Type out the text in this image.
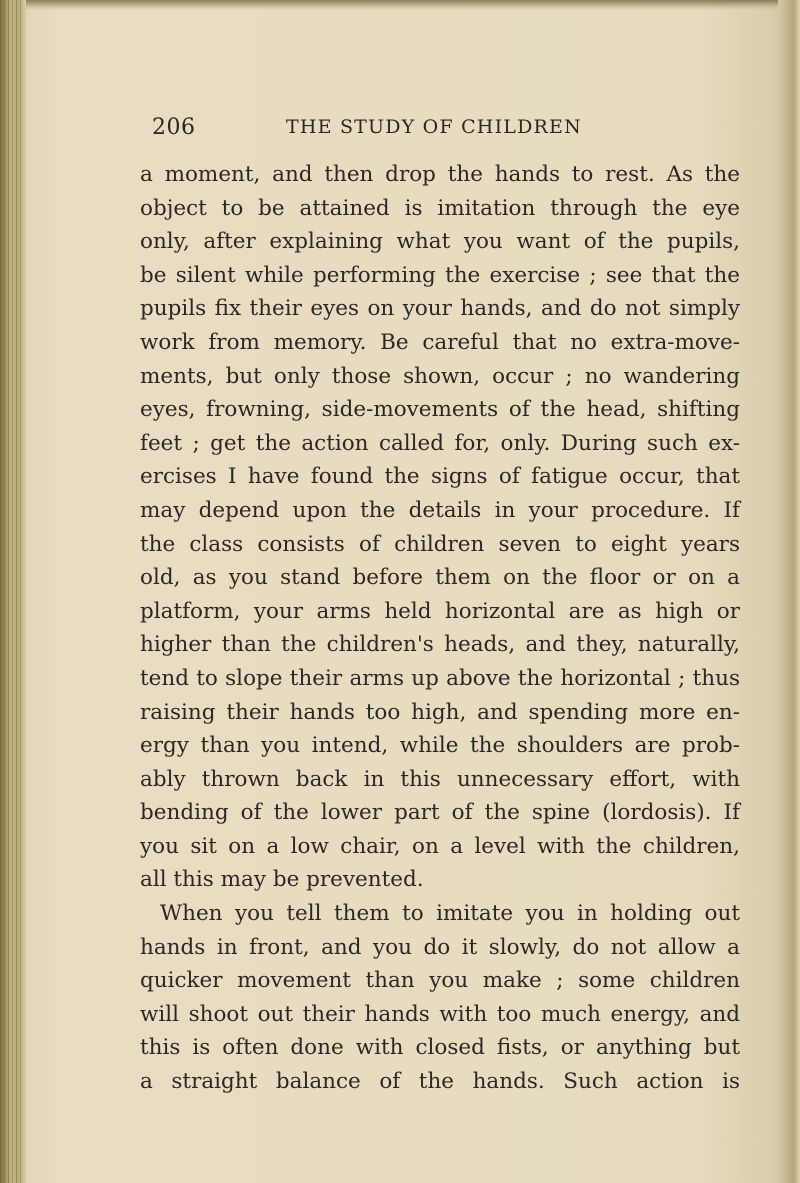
206	THE STUDY OF CHILDREN
a moment, and then drop the hands to rest. As the
object to be attained is imitation through the eye
only, after explaining what you want of the pupils,
be silent while performing the exercise ; see that the
pupils fix their eyes on your hands, and do not simply
work from memory. Be careful that no extra-move-
ments, but only those shown, occur ; no wandering
eyes, frowning, side-movements of the head, shifting
feet ; get the action called for, only. During such ex-
ercises I have found the signs of fatigue occur, that
may depend upon the details in your procedure. If
the class consists of children seven to eight years
old, as you stand before them on the floor or on a
platform, your arms held horizontal are as high or
higher than the children's heads, and they, naturally,
tend to slope their arms up above the horizontal ; thus
raising their hands too high, and spending more en-
ergy than you intend, while the shoulders are prob-
ably thrown back in this unnecessary effort, with
bending of the lower part of the spine (lordosis). If
you sit on a low chair, on a level with the children,
all this may be prevented.
When you tell them to imitate you in holding out
hands in front, and you do it slowly, do not allow a
quicker movement than you make ; some children
will shoot out their hands with too much energy, and
this is often done with closed fists, or anything but
a straight balance of the hands. Such action is
